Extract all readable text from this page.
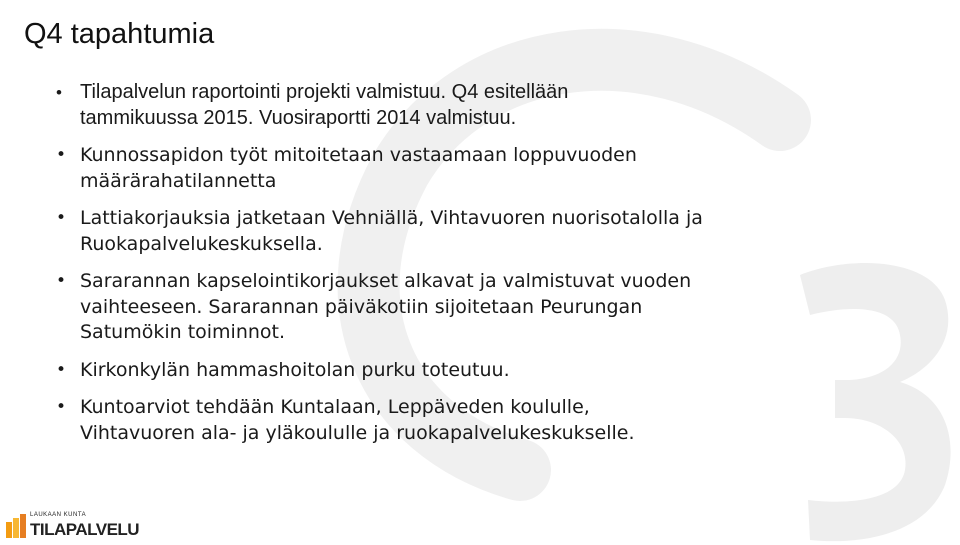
Q4 tapahtumia
• Tilapalvelun raportointi projekti valmistuu. Q4 esitellään
tammikuussa 2015. Vuosiraportti 2014 valmistuu.
• Kunnossapidon työt mitoitetaan vastaamaan loppuvuoden
määrärahatilannetta
• Lattiakorjauksia jatketaan Vehniällä, Vihtavuoren nuorisotalolla ja
Ruokapalvelukeskuksella.
• Sararannan kapselointikorjaukset alkavat ja valmistuvat vuoden
vaihteeseen. Sararannan päiväkotiin sijoitetaan Peurungan
Satumökin toiminnot.
• Kirkonkylän hammashoitolan purku toteutuu.
• Kuntoarviot tehdään Kuntalaan, Leppäveden koululle,
Vihtavuoren ala- ja yläkoululle ja ruokapalvelukeskukselle.
LAUKAAN KUNTA
TILAPALVELU
